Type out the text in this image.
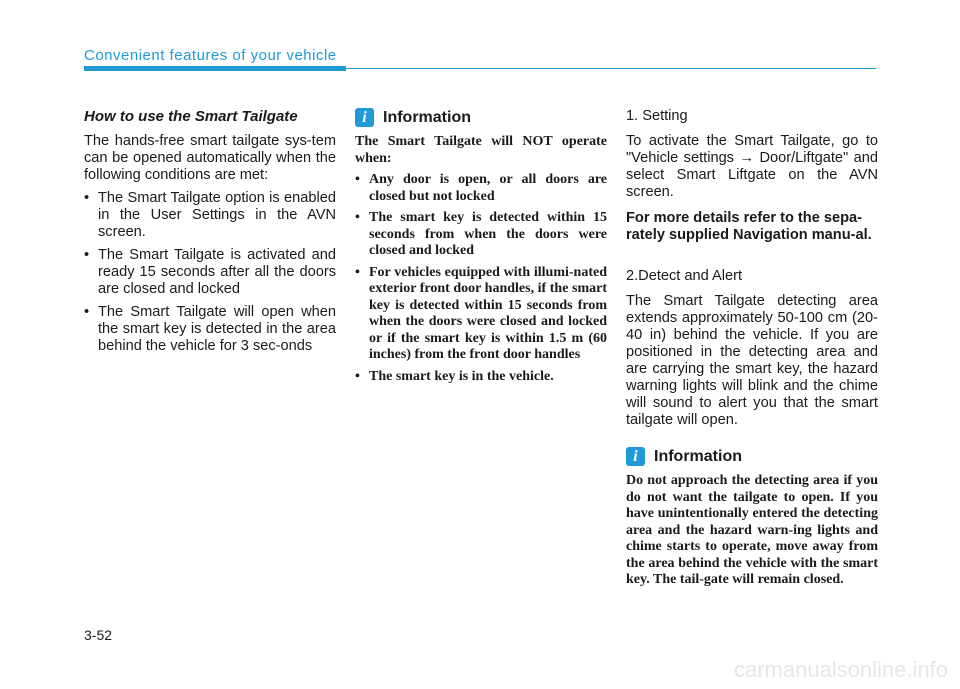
Convenient features of your vehicle
How to use the Smart Tailgate

The hands-free smart tailgate sys-tem can be opened automatically when the following conditions are met:

• The Smart Tailgate option is enabled in the User Settings in the AVN screen.
• The Smart Tailgate is activated and ready 15 seconds after all the doors are closed and locked
• The Smart Tailgate will open when the smart key is detected in the area behind the vehicle for 3 sec-onds
i	Information

The Smart Tailgate will NOT operate when:

• Any door is open, or all doors are closed but not locked
• The smart key is detected within 15 seconds from when the doors were closed and locked
• For vehicles equipped with illumi-nated exterior front door handles, if the smart key is detected within 15 seconds from when the doors were closed and locked or if the smart key is within 1.5 m (60 inches) from the front door handles
• The smart key is in the vehicle.

1. Setting

To activate the Smart Tailgate, go to "Vehicle settings → Door/Liftgate" and select Smart Liftgate on the AVN screen.

For more details refer to the sepa-rately supplied Navigation manu-al.

2.Detect and Alert

The Smart Tailgate detecting area extends approximately 50-100 cm (20-40 in) behind the vehicle. If you are positioned in the detecting area and are carrying the smart key, the hazard warning lights will blink and the chime will sound to alert you that the smart tailgate will open.

i	Information

Do not approach the detecting area if you do not want the tailgate to open. If you have unintentionally entered the detecting area and the hazard warn-ing lights and chime starts to operate, move away from the area behind the vehicle with the smart key. The tail-gate will remain closed.

3-52
carmanualsonline.info
